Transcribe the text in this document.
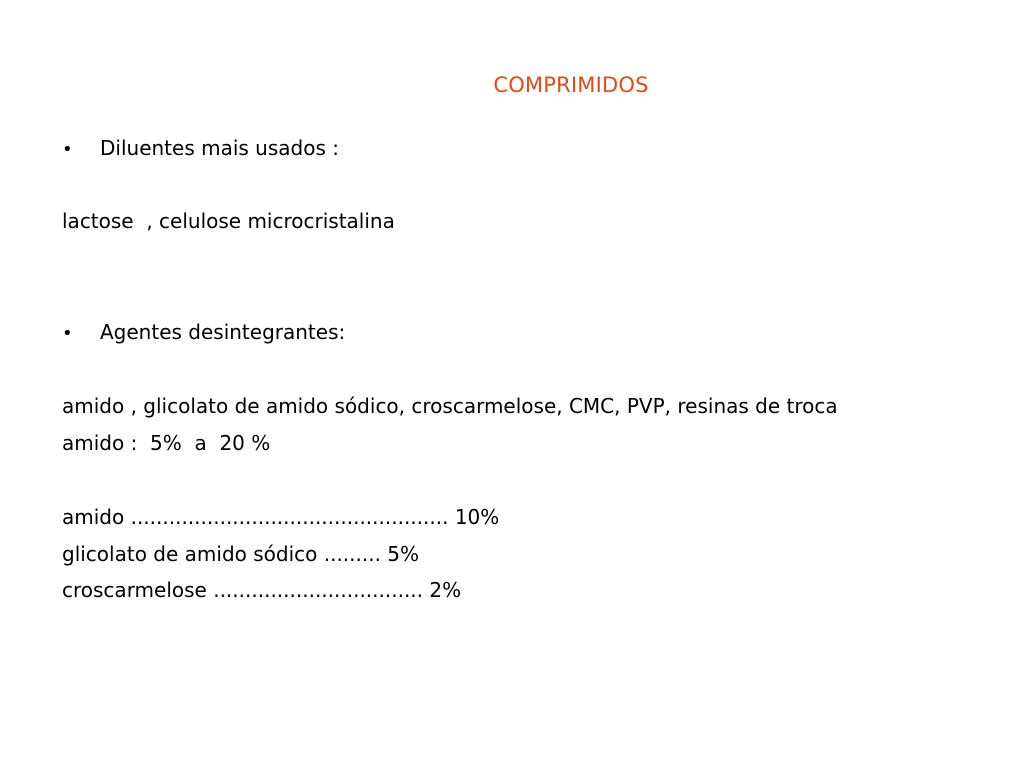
COMPRIMIDOS
•	Diluentes mais usados :
lactose  , celulose microcristalina
•	Agentes desintegrantes:
amido , glicolato de amido sódico, croscarmelose, CMC, PVP, resinas de troca
amido :  5%  a  20 %
amido .................................................. 10%
glicolato de amido sódico ......... 5%
croscarmelose ................................. 2%
